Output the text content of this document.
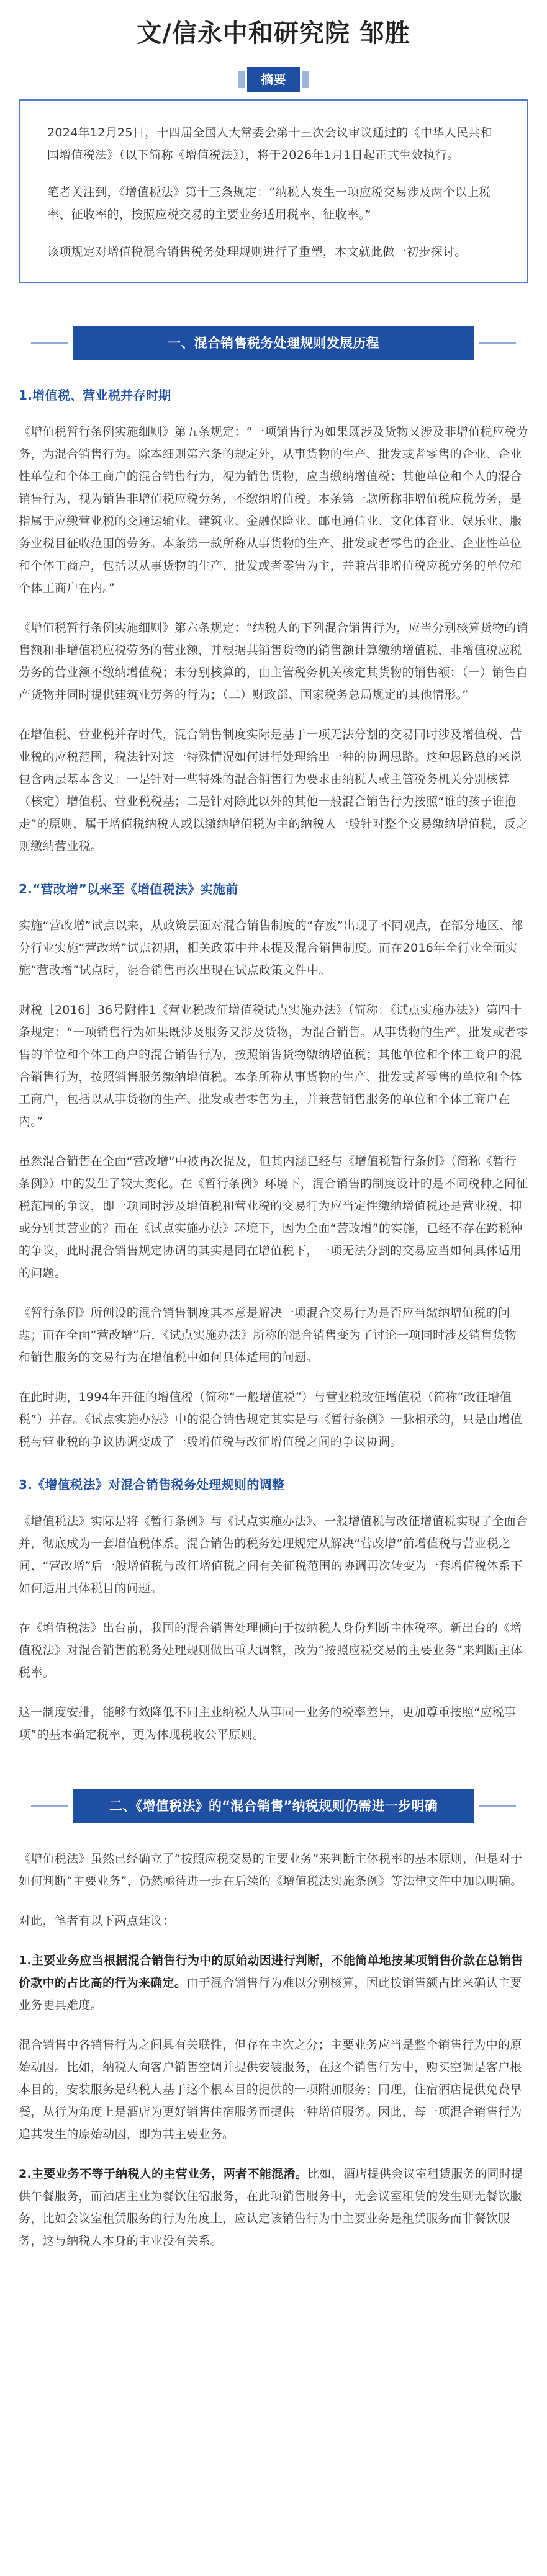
文/信永中和研究院 邹胜
摘要

2024年12月25日，十四届全国人大常委会第十三次会议审议通过的《中华人民共和国增值税法》（以下简称《增值税法》），将于2026年1月1日起正式生效执行。

笔者关注到，《增值税法》第十三条规定：“纳税人发生一项应税交易涉及两个以上税率、征收率的，按照应税交易的主要业务适用税率、征收率。”

该项规定对增值税混合销售税务处理规则进行了重塑，本文就此做一初步探讨。

一、混合销售税务处理规则发展历程
1.增值税、营业税并存时期

《增值税暂行条例实施细则》第五条规定：“一项销售行为如果既涉及货物又涉及非增值税应税劳务，为混合销售行为。除本细则第六条的规定外，从事货物的生产、批发或者零售的企业、企业性单位和个体工商户的混合销售行为，视为销售货物，应当缴纳增值税；其他单位和个人的混合销售行为，视为销售非增值税应税劳务，不缴纳增值税。本条第一款所称非增值税应税劳务，是指属于应缴营业税的交通运输业、建筑业、金融保险业、邮电通信业、文化体育业、娱乐业、服务业税目征收范围的劳务。本条第一款所称从事货物的生产、批发或者零售的企业、企业性单位和个体工商户，包括以从事货物的生产、批发或者零售为主，并兼营非增值税应税劳务的单位和个体工商户在内。”

《增值税暂行条例实施细则》第六条规定：“纳税人的下列混合销售行为，应当分别核算货物的销售额和非增值税应税劳务的营业额，并根据其销售货物的销售额计算缴纳增值税，非增值税应税劳务的营业额不缴纳增值税；未分别核算的，由主管税务机关核定其货物的销售额：（一）销售自产货物并同时提供建筑业劳务的行为；（二）财政部、国家税务总局规定的其他情形。”

在增值税、营业税并存时代，混合销售制度实际是基于一项无法分割的交易同时涉及增值税、营业税的应税范围，税法针对这一特殊情况如何进行处理给出一种的协调思路。这种思路总的来说包含两层基本含义：一是针对一些特殊的混合销售行为要求由纳税人或主管税务机关分别核算（核定）增值税、营业税税基；二是针对除此以外的其他一般混合销售行为按照“谁的孩子谁抱走”的原则，属于增值税纳税人或以缴纳增值税为主的纳税人一般针对整个交易缴纳增值税，反之则缴纳营业税。

2.“营改增”以来至《增值税法》实施前

实施“营改增”试点以来，从政策层面对混合销售制度的“存废”出现了不同观点，在部分地区、部分行业实施“营改增”试点初期，相关政策中并未提及混合销售制度。而在2016年全行业全面实施“营改增”试点时，混合销售再次出现在试点政策文件中。

财税［2016］36号附件1《营业税改征增值税试点实施办法》（简称：《试点实施办法》）第四十条规定：“一项销售行为如果既涉及服务又涉及货物，为混合销售。从事货物的生产、批发或者零售的单位和个体工商户的混合销售行为，按照销售货物缴纳增值税；其他单位和个体工商户的混合销售行为，按照销售服务缴纳增值税。本条所称从事货物的生产、批发或者零售的单位和个体工商户，包括以从事货物的生产、批发或者零售为主，并兼营销售服务的单位和个体工商户在内。”

虽然混合销售在全面“营改增”中被再次提及，但其内涵已经与《增值税暂行条例》（简称《暂行条例》）中的发生了较大变化。在《暂行条例》环境下，混合销售的制度设计的是不同税种之间征税范围的争议，即一项同时涉及增值税和营业税的交易行为应当定性缴纳增值税还是营业税、抑或分别其营业的？而在《试点实施办法》环境下，因为全面“营改增”的实施，已经不存在跨税种的争议，此时混合销售规定协调的其实是同在增值税下，一项无法分割的交易应当如何具体适用的问题。

《暂行条例》所创设的混合销售制度其本意是解决一项混合交易行为是否应当缴纳增值税的问题；而在全面“营改增”后，《试点实施办法》所称的混合销售变为了讨论一项同时涉及销售货物和销售服务的交易行为在增值税中如何具体适用的问题。

在此时期，1994年开征的增值税（简称“一般增值税”）与营业税改征增值税（简称“改征增值税”）并存。《试点实施办法》中的混合销售规定其实是与《暂行条例》一脉相承的，只是由增值税与营业税的争议协调变成了一般增值税与改征增值税之间的争议协调。

3.《增值税法》对混合销售税务处理规则的调整

《增值税法》实际是将《暂行条例》与《试点实施办法》、一般增值税与改征增值税实现了全面合并，彻底成为一套增值税体系。混合销售的税务处理规定从解决“营改增”前增值税与营业税之间、“营改增”后一般增值税与改征增值税之间有关征税范围的协调再次转变为一套增值税体系下如何适用具体税目的问题。

在《增值税法》出台前，我国的混合销售处理倾向于按纳税人身份判断主体税率。新出台的《增值税法》对混合销售的税务处理规则做出重大调整，改为“按照应税交易的主要业务”来判断主体税率。

这一制度安排，能够有效降低不同主业纳税人从事同一业务的税率差异，更加尊重按照“应税事项”的基本确定税率，更为体现税收公平原则。

二、《增值税法》的“混合销售”纳税规则仍需进一步明确

《增值税法》虽然已经确立了“按照应税交易的主要业务”来判断主体税率的基本原则，但是对于如何判断“主要业务”，仍然亟待进一步在后续的《增值税法实施条例》等法律文件中加以明确。

对此，笔者有以下两点建议：

1.主要业务应当根据混合销售行为中的原始动因进行判断，不能简单地按某项销售价款在总销售价款中的占比高的行为来确定。由于混合销售行为难以分别核算，因此按销售额占比来确认主要业务更具难度。

混合销售中各销售行为之间具有关联性，但存在主次之分；主要业务应当是整个销售行为中的原始动因。比如，纳税人向客户销售空调并提供安装服务，在这个销售行为中，购买空调是客户根本目的，安装服务是纳税人基于这个根本目的提供的一项附加服务；同理，住宿酒店提供免费早餐，从行为角度上是酒店为更好销售住宿服务而提供一种增值服务。因此，每一项混合销售行为追其发生的原始动因，即为其主要业务。

2.主要业务不等于纳税人的主营业务，两者不能混淆。比如，酒店提供会议室租赁服务的同时提供午餐服务，而酒店主业为餐饮住宿服务，在此项销售服务中，无会议室租赁的发生则无餐饮服务，比如会议室租赁服务的行为角度上，应认定该销售行为中主要业务是租赁服务而非餐饮服务，这与纳税人本身的主业没有关系。
